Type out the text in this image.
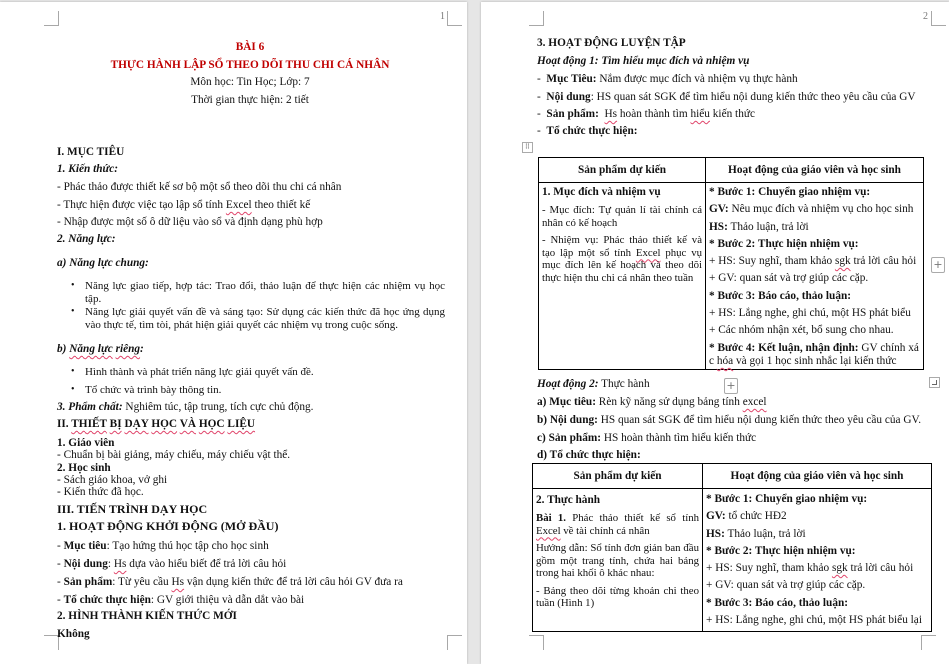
1
BÀI 6
THỰC HÀNH LẬP SỔ THEO DÕI THU CHI CÁ NHÂN
Môn học: Tin Học; Lớp: 7
Thời gian thực hiện: 2 tiết
I. MỤC TIÊU
1. Kiến thức:
- Phác thảo được thiết kế sơ bộ một sổ theo dõi thu chi cá nhân
- Thực hiện được việc tạo lập sổ tính Excel theo thiết kế
- Nhập được một số ô dữ liệu vào sổ và định dạng phù hợp
2. Năng lực:
a) Năng lực chung:
• Năng lực giao tiếp, hợp tác: Trao đổi, thảo luận để thực hiện các nhiệm vụ học tập.
• Năng lực giải quyết vấn đề và sáng tạo: Sử dụng các kiến thức đã học ứng dụng vào thực tế, tìm tòi, phát hiện giải quyết các nhiệm vụ trong cuộc sống.
b) Năng lực riêng:
• Hình thành và phát triển năng lực giải quyết vấn đề.
• Tổ chức và trình bày thông tin.
3. Phẩm chất: Nghiêm túc, tập trung, tích cực chủ động.
II. THIẾT BỊ DẠY HỌC VÀ HỌC LIỆU
1. Giáo viên
- Chuẩn bị bài giảng, máy chiếu, máy chiếu vật thể.
2. Học sinh
- Sách giáo khoa, vở ghi
- Kiến thức đã học.
III. TIẾN TRÌNH DẠY HỌC
1. HOẠT ĐỘNG KHỞI ĐỘNG (MỞ ĐẦU)
- Mục tiêu: Tạo hứng thú học tập cho học sinh
- Nội dung: Hs dựa vào hiểu biết để trả lời câu hỏi
- Sản phẩm: Từ yêu cầu Hs vận dụng kiến thức để trả lời câu hỏi GV đưa ra
- Tổ chức thực hiện: GV giới thiệu và dẫn dắt vào bài
2. HÌNH THÀNH KIẾN THỨC MỚI
Không
2
3. HOẠT ĐỘNG LUYỆN TẬP
Hoạt động 1: Tìm hiểu mục đích và nhiệm vụ
-  Mục Tiêu: Nắm được mục đích và nhiệm vụ thực hành
-  Nội dung: HS quan sát SGK để tìm hiểu nội dung kiến thức theo yêu cầu của GV
-  Sản phẩm: Hs hoàn thành tìm hiểu kiến thức
-  Tổ chức thực hiện:
⠿
Sản phẩm dự kiến	Hoạt động của giáo viên và học sinh

1. Mục đích và nhiệm vụ
- Mục đích: Tự quản lí tài chính cá nhân có kế hoạch
- Nhiệm vụ: Phác thảo thiết kế và tạo lập một sổ tính Excel phục vụ mục đích lên kế hoạch và theo dõi thực hiện thu chi cá nhân theo tuần

* Bước 1: Chuyển giao nhiệm vụ:
GV: Nêu mục đích và nhiệm vụ cho học sinh
HS: Thảo luận, trả lời
* Bước 2: Thực hiện nhiệm vụ:
+ HS: Suy nghĩ, tham khảo sgk trả lời câu hỏi
+ GV: quan sát và trợ giúp các cặp.
* Bước 3: Báo cáo, thảo luận:
+ HS: Lắng nghe, ghi chú, một HS phát biểu
+ Các nhóm nhận xét, bổ sung cho nhau.
* Bước 4: Kết luận, nhận định: GV chính xá
c hóa và gọi 1 học sinh nhắc lại kiến thức
+
+
Hoạt động 2: Thực hành
a) Mục tiêu: Rèn kỹ năng sử dụng bảng tính excel
b) Nội dung: HS quan sát SGK để tìm hiểu nội dung kiến thức theo yêu cầu của GV.
c) Sản phẩm: HS hoàn thành tìm hiểu kiến thức
d) Tổ chức thực hiện:
Sản phẩm dự kiến	Hoạt động của giáo viên và học sinh

2. Thực hành
Bài 1. Phác thảo thiết kế sổ tính Excel về tài chính cá nhân
Hướng dẫn: Sổ tính đơn giản ban đầu gồm một trang tính, chứa hai bảng trong hai khối ô khác nhau:
- Bảng theo dõi từng khoản chi theo tuần (Hình 1)

* Bước 1: Chuyển giao nhiệm vụ:
GV: tổ chức HĐ2
HS: Thảo luận, trả lời
* Bước 2: Thực hiện nhiệm vụ:
+ HS: Suy nghĩ, tham khảo sgk trả lời câu hỏi
+ GV: quan sát và trợ giúp các cặp.
* Bước 3: Báo cáo, thảo luận:
+ HS: Lắng nghe, ghi chú, một HS phát biểu lại
